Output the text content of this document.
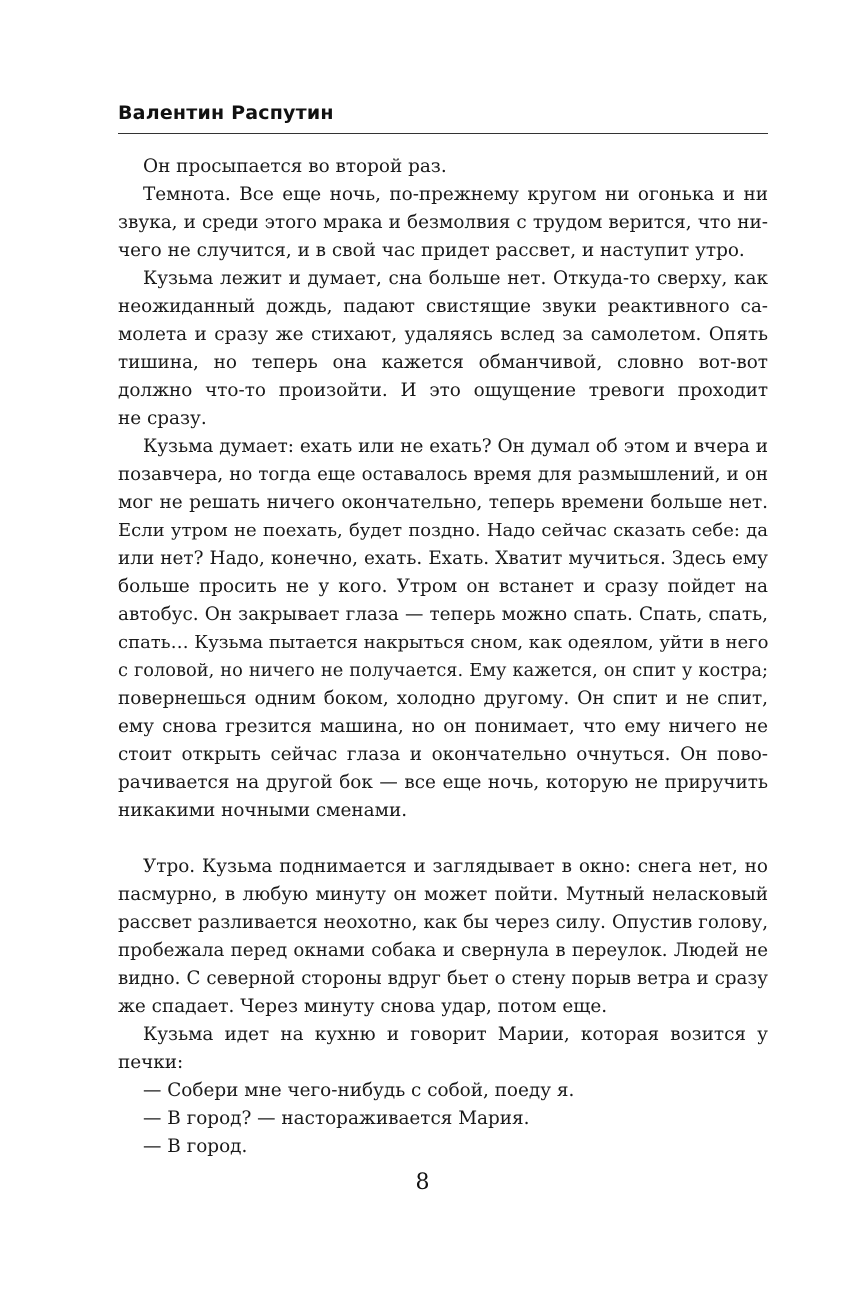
Валентин Распутин
Он просыпается во второй раз.
Темнота. Все еще ночь, по-прежнему кругом ни огонька и ни
звука, и среди этого мрака и безмолвия с трудом верится, что ни-
чего не случится, и в свой час придет рассвет, и наступит утро.
Кузьма лежит и думает, сна больше нет. Откуда-то сверху, как
неожиданный дождь, падают свистящие звуки реактивного са-
молета и сразу же стихают, удаляясь вслед за самолетом. Опять
тишина, но теперь она кажется обманчивой, словно вот-вот
должно что-то произойти. И это ощущение тревоги проходит
не сразу.
Кузьма думает: ехать или не ехать? Он думал об этом и вчера и
позавчера, но тогда еще оставалось время для размышлений, и он
мог не решать ничего окончательно, теперь времени больше нет.
Если утром не поехать, будет поздно. Надо сейчас сказать себе: да
или нет? Надо, конечно, ехать. Ехать. Хватит мучиться. Здесь ему
больше просить не у кого. Утром он встанет и сразу пойдет на
автобус. Он закрывает глаза — теперь можно спать. Спать, спать,
спать… Кузьма пытается накрыться сном, как одеялом, уйти в него
с головой, но ничего не получается. Ему кажется, он спит у костра;
повернешься одним боком, холодно другому. Он спит и не спит,
ему снова грезится машина, но он понимает, что ему ничего не
стоит открыть сейчас глаза и окончательно очнуться. Он пово-
рачивается на другой бок — все еще ночь, которую не приручить
никакими ночными сменами.
Утро. Кузьма поднимается и заглядывает в окно: снега нет, но
пасмурно, в любую минуту он может пойти. Мутный неласковый
рассвет разливается неохотно, как бы через силу. Опустив голову,
пробежала перед окнами собака и свернула в переулок. Людей не
видно. С северной стороны вдруг бьет о стену порыв ветра и сразу
же спадает. Через минуту снова удар, потом еще.
Кузьма идет на кухню и говорит Марии, которая возится у
печки:
— Собери мне чего-нибудь с собой, поеду я.
— В город? — настораживается Мария.
— В город.
8
